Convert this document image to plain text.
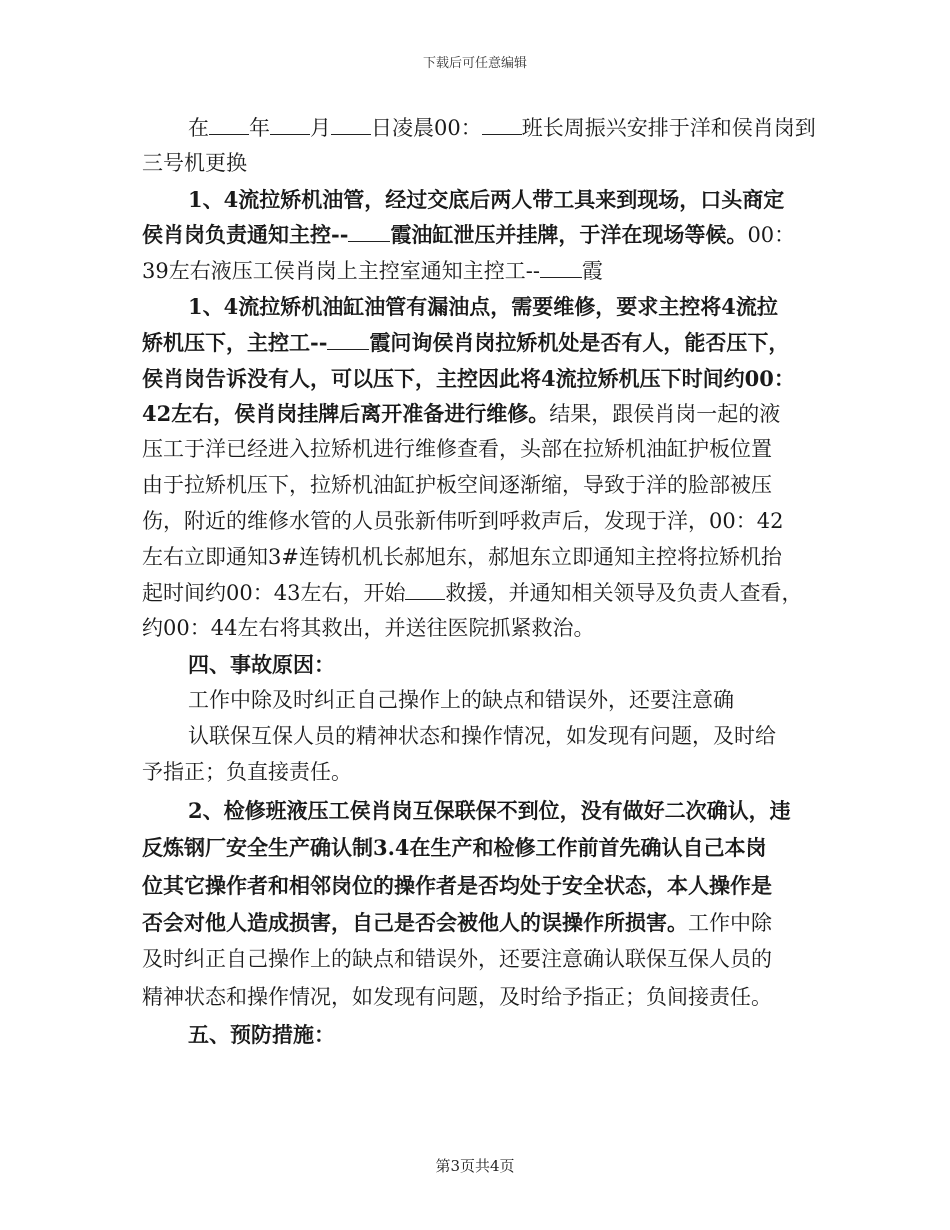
下载后可任意编辑
在 年 月 日凌晨00： 班长周振兴安排于洋和侯肖岗到
三号机更换
1、4流拉矫机油管，经过交底后两人带工具来到现场，口头商定
侯肖岗负责通知主控-- 霞油缸泄压并挂牌，于洋在现场等候。00：
39左右液压工侯肖岗上主控室通知主控工-- 霞
1、4流拉矫机油缸油管有漏油点，需要维修，要求主控将4流拉
矫机压下，主控工-- 霞问询侯肖岗拉矫机处是否有人，能否压下，
侯肖岗告诉没有人，可以压下，主控因此将4流拉矫机压下时间约00：
42左右，侯肖岗挂牌后离开准备进行维修。结果，跟侯肖岗一起的液
压工于洋已经进入拉矫机进行维修查看，头部在拉矫机油缸护板位置
由于拉矫机压下，拉矫机油缸护板空间逐渐缩，导致于洋的脸部被压
伤，附近的维修水管的人员张新伟听到呼救声后，发现于洋，00：42
左右立即通知3#连铸机机长郝旭东，郝旭东立即通知主控将拉矫机抬
起时间约00：43左右，开始 救援，并通知相关领导及负责人查看，
约00：44左右将其救出，并送往医院抓紧救治。
四、事故原因：
工作中除及时纠正自己操作上的缺点和错误外，还要注意确
认联保互保人员的精神状态和操作情况，如发现有问题，及时给
予指正；负直接责任。
2、检修班液压工侯肖岗互保联保不到位，没有做好二次确认，违
反炼钢厂安全生产确认制3.4在生产和检修工作前首先确认自己本岗
位其它操作者和相邻岗位的操作者是否均处于安全状态，本人操作是
否会对他人造成损害，自己是否会被他人的误操作所损害。工作中除
及时纠正自己操作上的缺点和错误外，还要注意确认联保互保人员的
精神状态和操作情况，如发现有问题，及时给予指正；负间接责任。
五、预防措施：
第3页共4页
